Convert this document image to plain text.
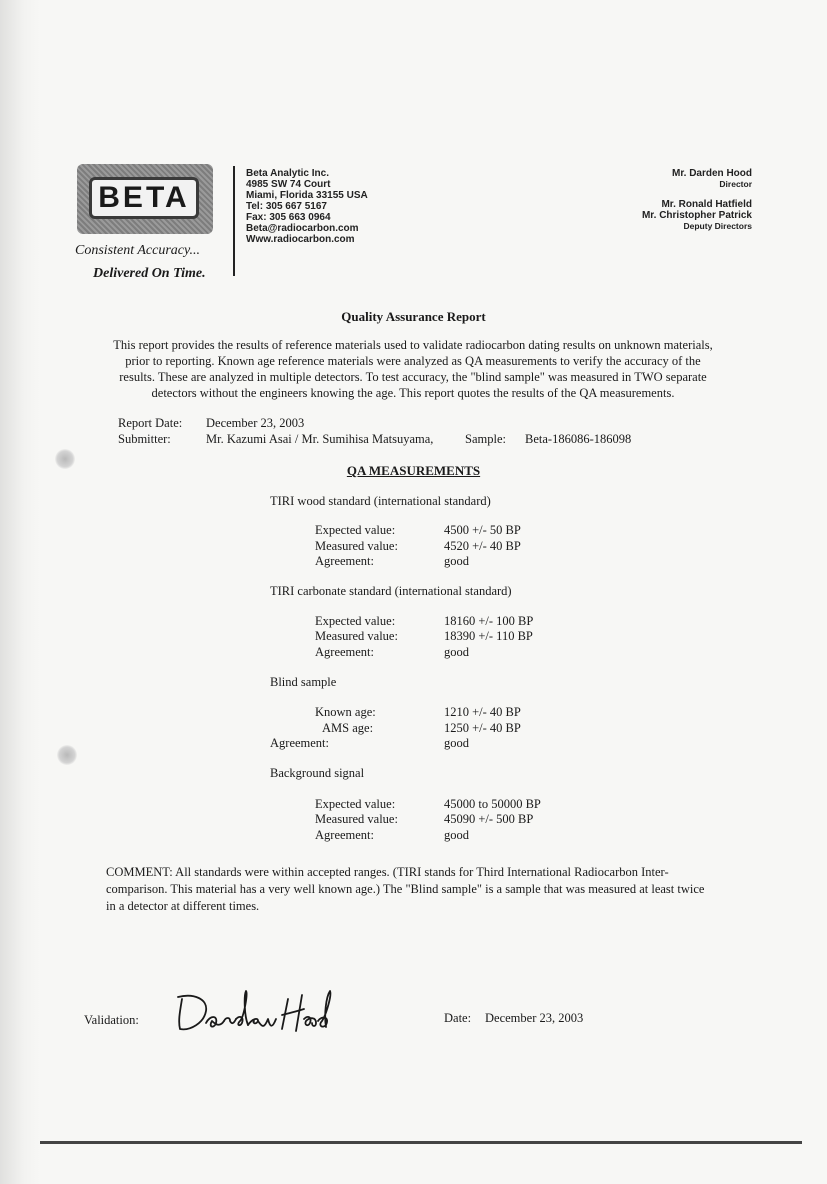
BETA
Consistent Accuracy...
Delivered On Time.
Beta Analytic Inc.
4985 SW 74 Court
Miami, Florida 33155 USA
Tel: 305 667 5167
Fax: 305 663 0964
Beta@radiocarbon.com
Www.radiocarbon.com
Mr. Darden Hood
Director
Mr. Ronald Hatfield
Mr. Christopher Patrick
Deputy Directors
Quality Assurance Report
This report provides the results of reference materials used to validate radiocarbon dating results on unknown materials,
prior to reporting. Known age reference materials were analyzed as QA measurements to verify the accuracy of the
results. These are analyzed in multiple detectors. To test accuracy, the "blind sample" was measured in TWO separate
detectors without the engineers knowing the age. This report quotes the results of the QA measurements.
Report Date: December 23, 2003
Submitter:	Mr. Kazumi Asai / Mr. Sumihisa Matsuyama,	Sample: Beta-186086-186098
QA MEASUREMENTS
TIRI wood standard (international standard)
Expected value:	4500 +/- 50 BP
Measured value:	4520 +/- 40 BP
Agreement:	good
TIRI carbonate standard (international standard)
Expected value:	18160 +/- 100 BP
Measured value:	18390 +/- 110 BP
Agreement:	good
Blind sample
Known age:	1210 +/- 40 BP
AMS age:	1250 +/- 40 BP
Agreement:	good
Background signal
Expected value:	45000 to 50000 BP
Measured value:	45090 +/- 500 BP
Agreement:	good
COMMENT: All standards were within accepted ranges. (TIRI stands for Third International Radiocarbon Inter-
comparison. This material has a very well known age.) The "Blind sample" is a sample that was measured at least twice
in a detector at different times.
Validation:	Date: December 23, 2003
